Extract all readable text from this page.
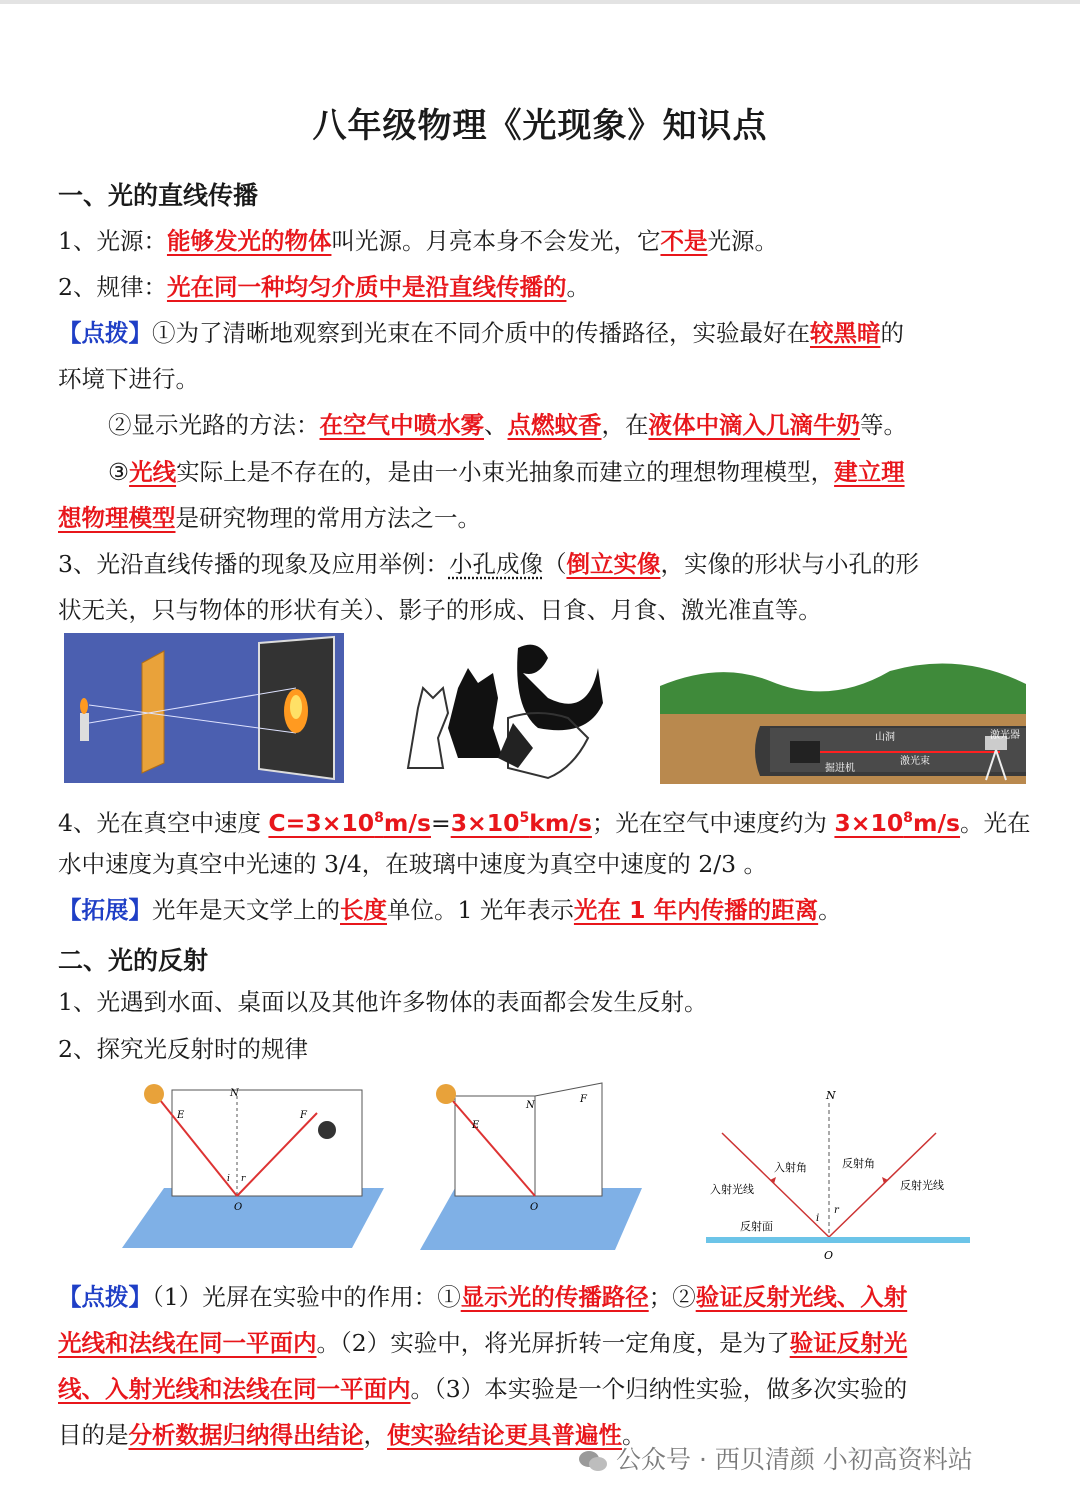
八年级物理《光现象》知识点
一、光的直线传播
1、光源：能够发光的物体叫光源。月亮本身不会发光，它不是光源。
2、规律：光在同一种均匀介质中是沿直线传播的。
【点拨】①为了清晰地观察到光束在不同介质中的传播路径，实验最好在较黑暗的
环境下进行。
②显示光路的方法：在空气中喷水雾、点燃蚊香，在液体中滴入几滴牛奶等。
③光线实际上是不存在的，是由一小束光抽象而建立的理想物理模型，建立理
想物理模型是研究物理的常用方法之一。
3、光沿直线传播的现象及应用举例：小孔成像（倒立实像，实像的形状与小孔的形
状无关，只与物体的形状有关）、影子的形成、日食、月食、激光准直等。
山洞	激光器
激光束
掘进机
4、光在真空中速度 $C=3\times 10^8m/s=3\times 10^5km/s$；光在空气中速度约为 $3\times 10^8m/s$。光在
水中速度为真空中光速的 3/4，在玻璃中速度为真空中速度的 2/3 。
【拓展】光年是天文学上的长度单位。1 光年表示光在 1 年内传播的距离。
二、光的反射
1、光遇到水面、桌面以及其他许多物体的表面都会发生反射。
2、探究光反射时的规律
N
E	F
O
i r
N
E
F
O
N
入射角	反射角
入射光线	反射光线
反射面
i
r
O
【点拨】（1）光屏在实验中的作用：①显示光的传播路径；②验证反射光线、入射
光线和法线在同一平面内。（2）实验中，将光屏折转一定角度，是为了验证反射光
线、入射光线和法线在同一平面内。（3）本实验是一个归纳性实验，做多次实验的
目的是分析数据归纳得出结论，使实验结论更具普遍性。
公众号 · 西贝清颜 小初高资料站
